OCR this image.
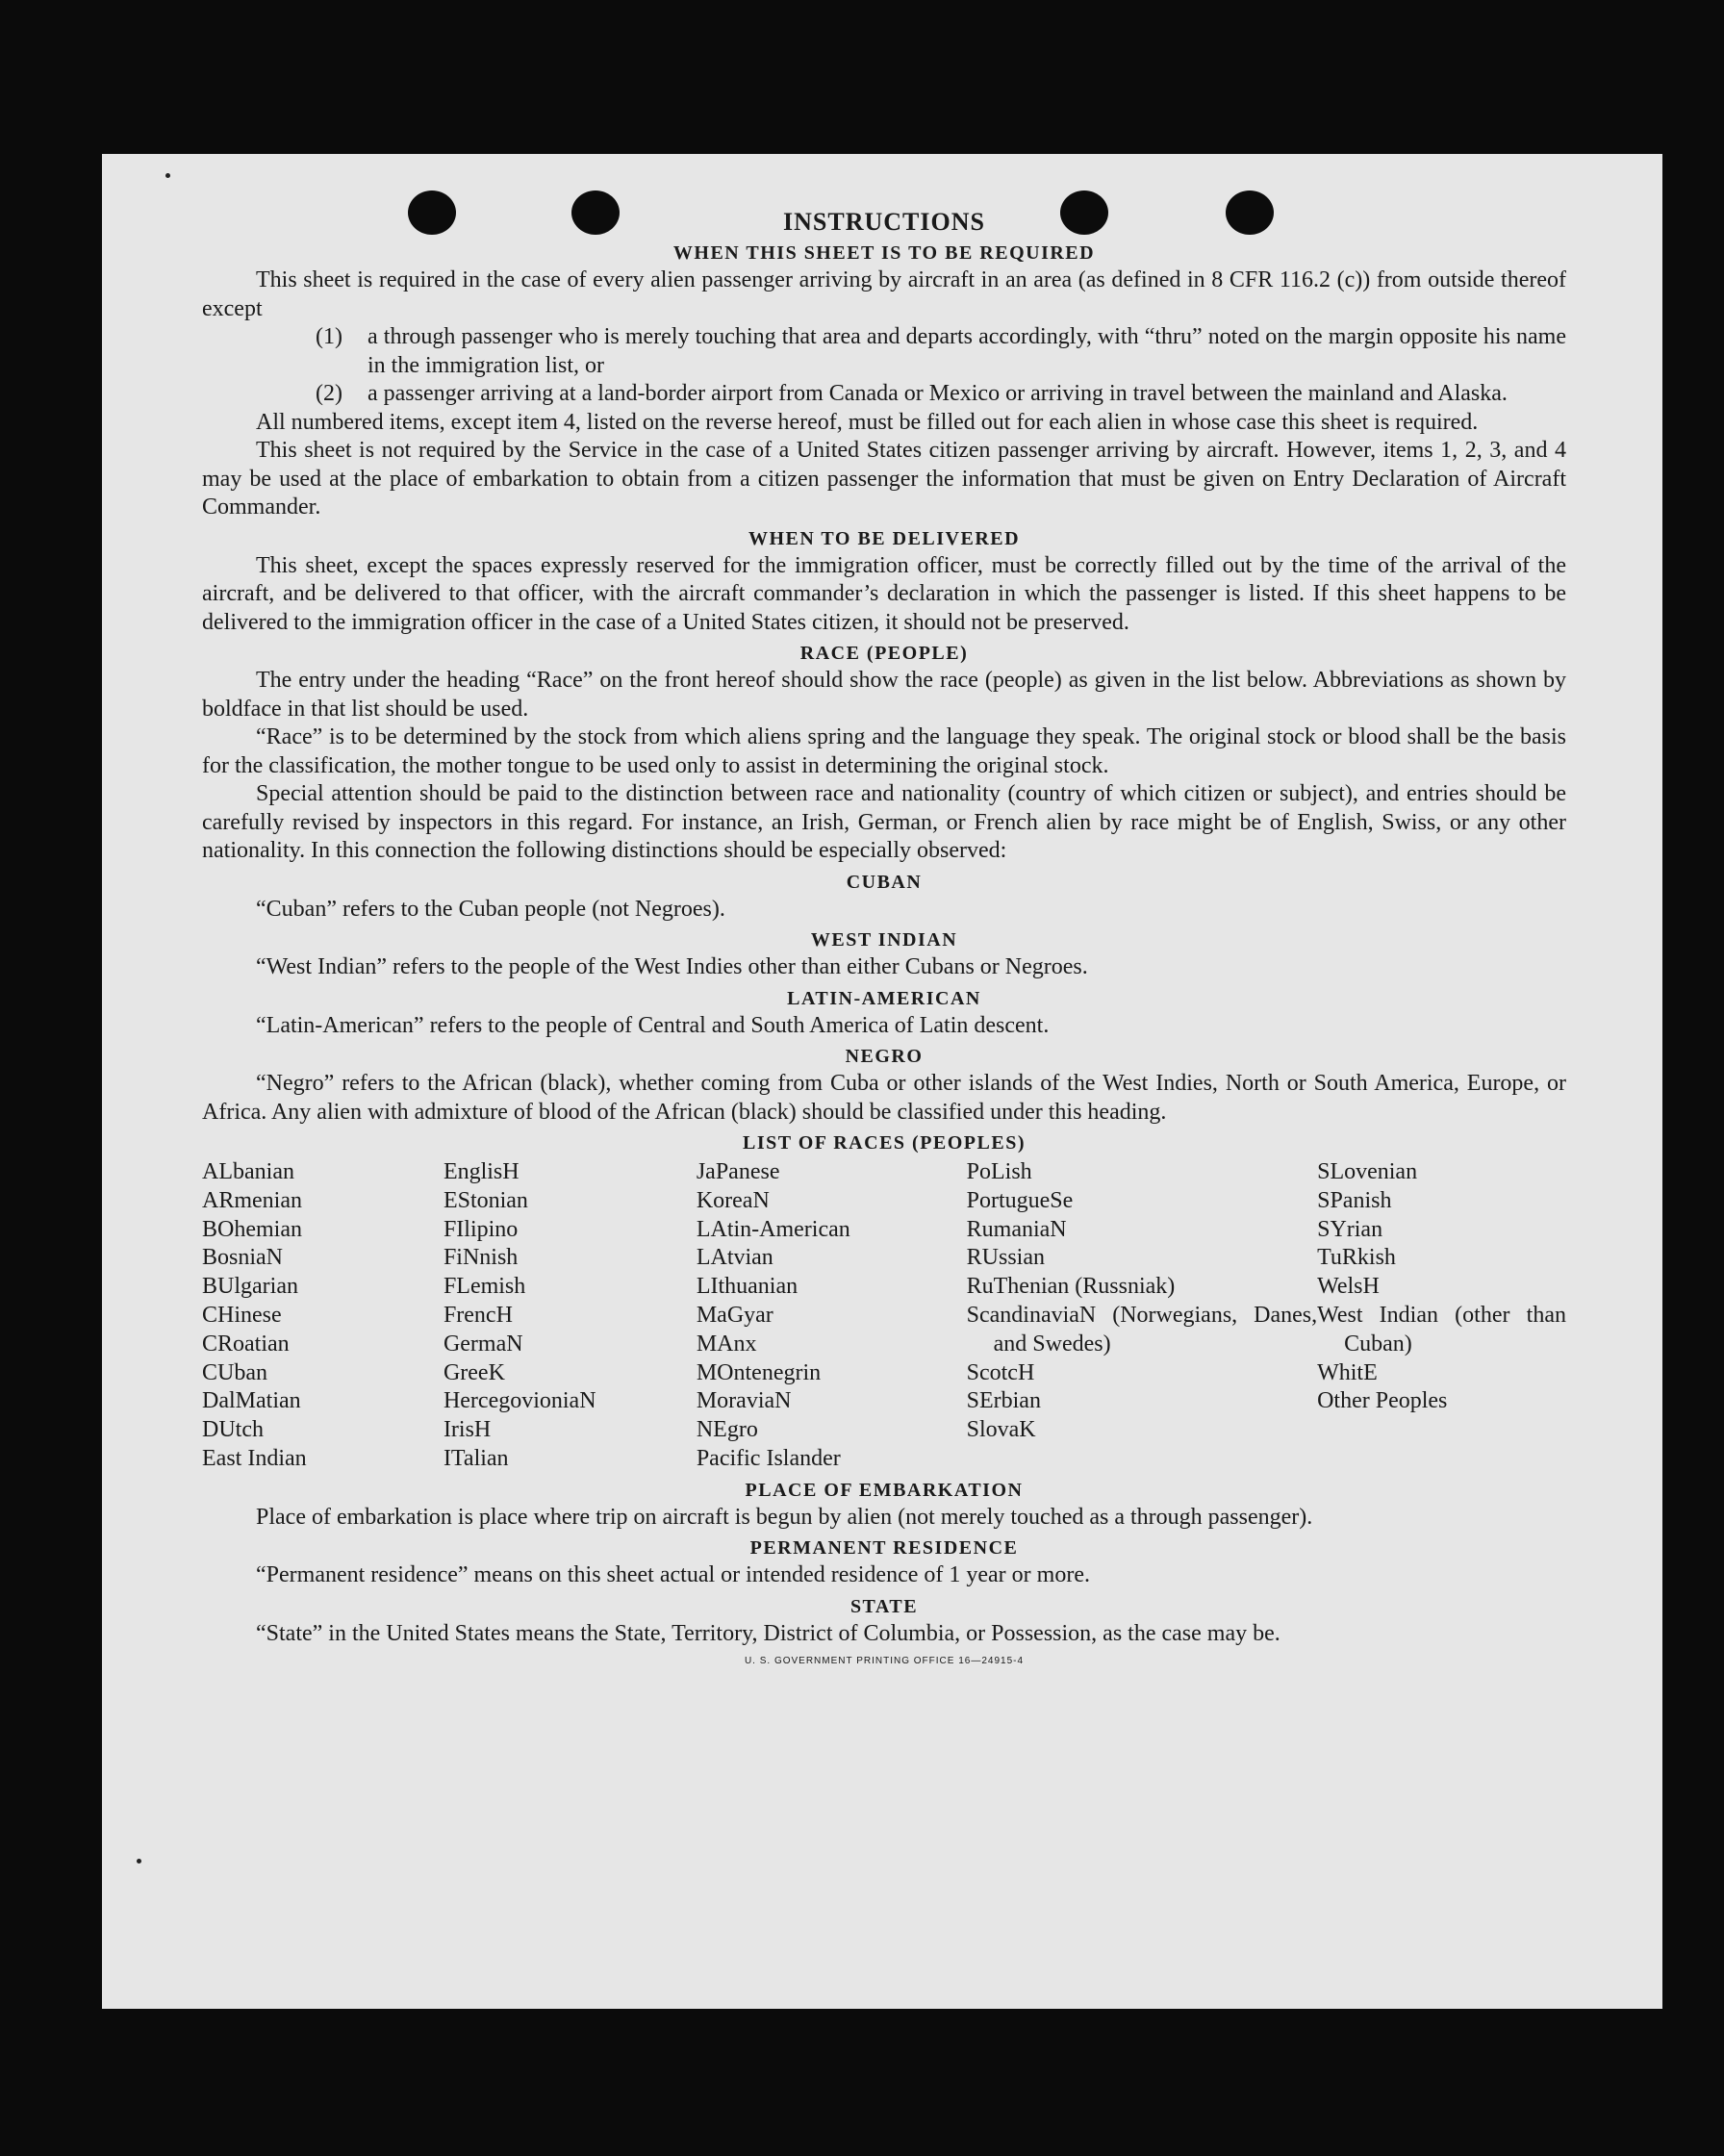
INSTRUCTIONS
WHEN THIS SHEET IS TO BE REQUIRED

This sheet is required in the case of every alien passenger arriving by aircraft in an area (as defined in 8 CFR 116.2 (c)) from outside thereof except

(1)	a through passenger who is merely touching that area and departs accordingly, with “thru” noted on the margin opposite his name in the immigration list, or
(2)	a passenger arriving at a land-border airport from Canada or Mexico or arriving in travel between the mainland and Alaska.

All numbered items, except item 4, listed on the reverse hereof, must be filled out for each alien in whose case this sheet is required.

This sheet is not required by the Service in the case of a United States citizen passenger arriving by aircraft. However, items 1, 2, 3, and 4 may be used at the place of embarkation to obtain from a citizen passenger the information that must be given on Entry Declaration of Aircraft Commander.

WHEN TO BE DELIVERED

This sheet, except the spaces expressly reserved for the immigration officer, must be correctly filled out by the time of the arrival of the aircraft, and be delivered to that officer, with the aircraft commander’s declaration in which the passenger is listed. If this sheet happens to be delivered to the immigration officer in the case of a United States citizen, it should not be preserved.

RACE (PEOPLE)

The entry under the heading “Race” on the front hereof should show the race (people) as given in the list below. Abbreviations as shown by boldface in that list should be used.

“Race” is to be determined by the stock from which aliens spring and the language they speak. The original stock or blood shall be the basis for the classification, the mother tongue to be used only to assist in determining the original stock.

Special attention should be paid to the distinction between race and nationality (country of which citizen or subject), and entries should be carefully revised by inspectors in this regard. For instance, an Irish, German, or French alien by race might be of English, Swiss, or any other nationality. In this connection the following distinctions should be especially observed:

CUBAN
“Cuban” refers to the Cuban people (not Negroes).
WEST INDIAN
“West Indian” refers to the people of the West Indies other than either Cubans or Negroes.
LATIN-AMERICAN
“Latin-American” refers to the people of Central and South America of Latin descent.
NEGRO

“Negro” refers to the African (black), whether coming from Cuba or other islands of the West Indies, North or South America, Europe, or Africa. Any alien with admixture of blood of the African (black) should be classified under this heading.

LIST OF RACES (PEOPLES)
ALbanian
ARmenian
BOhemian
BosniaN
BUlgarian
CHinese
CRoatian
CUban
DalMatian
DUtch
East Indian
EnglisH
EStonian
FIlipino
FiNnish
FLemish
FrencH
GermaN
GreeK
HercegovioniaN
IrisH
ITalian
JaPanese
KoreaN
LAtin-American
LAtvian
LIthuanian
MaGyar
MAnx
MOntenegrin
MoraviaN
NEgro
Pacific Islander
PoLish
PortugueSe
RumaniaN
RUssian
RuThenian (Russniak)
ScandinaviaN (Norwegians, Danes, and Swedes)
ScotcH
SErbian
SlovaK
SLovenian
SPanish
SYrian
TuRkish
WelsH
West Indian (other than Cuban)
WhitE
Other Peoples
PLACE OF EMBARKATION

Place of embarkation is place where trip on aircraft is begun by alien (not merely touched as a through passenger).

PERMANENT RESIDENCE
“Permanent residence” means on this sheet actual or intended residence of 1 year or more.
STATE

“State” in the United States means the State, Territory, District of Columbia, or Possession, as the case may be.

U. S. GOVERNMENT PRINTING OFFICE 16—24915-4
